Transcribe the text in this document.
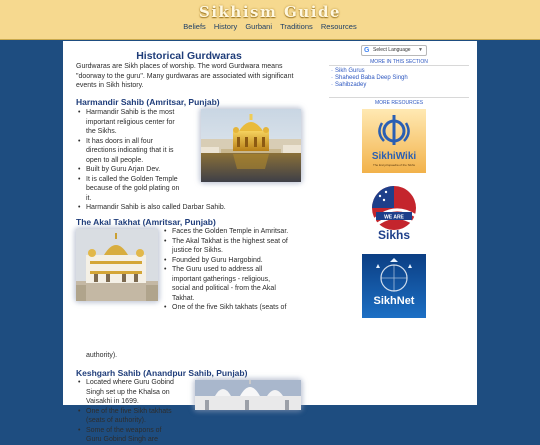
Sikhism Guide
Beliefs History Gurbani Traditions Resources
Historical Gurdwaras
Gurdwaras are Sikh places of worship. The word Gurdwara means "doorway to the guru". Many gurdwaras are associated with significant events in Sikh history.
Harmandir Sahib (Amritsar, Punjab)
• Harmandir Sahib is the most
important religious center for
the Sikhs.
• It has doors in all four
directions indicating that it is
open to all people.
• Built by Guru Arjan Dev.
• It is called the Golden Temple
because of the gold plating on
it.
• Harmandir Sahib is also called Darbar Sahib.
The Akal Takhat (Amritsar, Punjab)
• Faces the Golden Temple in Amritsar.
• The Akal Takhat is the highest seat of
justice for Sikhs.
• Founded by Guru Hargobind.
• The Guru used to address all
important gatherings - religious,
social and political - from the Akal
Takhat.
• One of the five Sikh takhats (seats of
authority).
Keshgarh Sahib (Anandpur Sahib, Punjab)
• Located where Guru Gobind
Singh set up the Khalsa on
Vaisakhi in 1699.
• One of the five Sikh takhats
(seats of authority).
• Some of the weapons of
Guru Gobind Singh are
G Select Language ▼
MORE IN THIS SECTION
· Sikh Gurus
· Shaheed Baba Deep Singh
· Sahibzadey
MORE RESOURCES
SikhiWiki
The Encyclopaedia of the Sikhs
WE ARE
Sikhs
SikhNet
